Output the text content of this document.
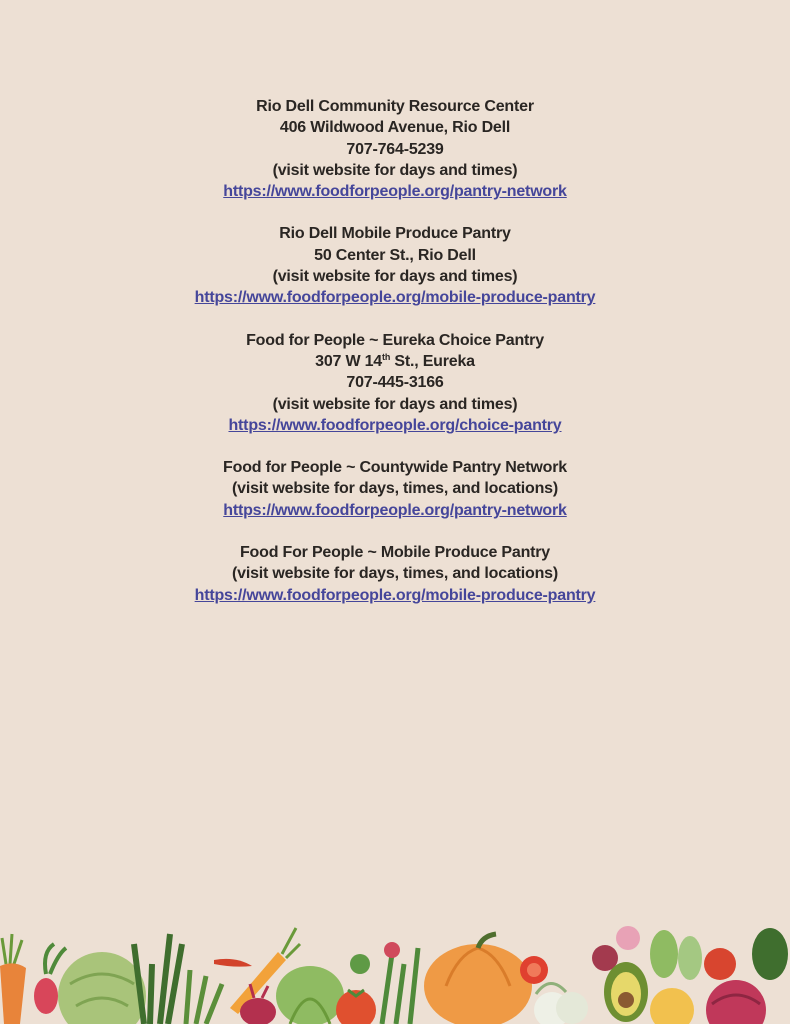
Rio Dell Community Resource Center
406 Wildwood Avenue, Rio Dell
707-764-5239
(visit website for days and times)
https://www.foodforpeople.org/pantry-network
Rio Dell Mobile Produce Pantry
50 Center St., Rio Dell
(visit website for days and times)
https://www.foodforpeople.org/mobile-produce-pantry
Food for People ~ Eureka Choice Pantry
307 W 14th St., Eureka
707-445-3166
(visit website for days and times)
https://www.foodforpeople.org/choice-pantry
Food for People ~ Countywide Pantry Network
(visit website for days, times, and locations)
https://www.foodforpeople.org/pantry-network
Food For People ~ Mobile Produce Pantry
(visit website for days, times, and locations)
https://www.foodforpeople.org/mobile-produce-pantry
